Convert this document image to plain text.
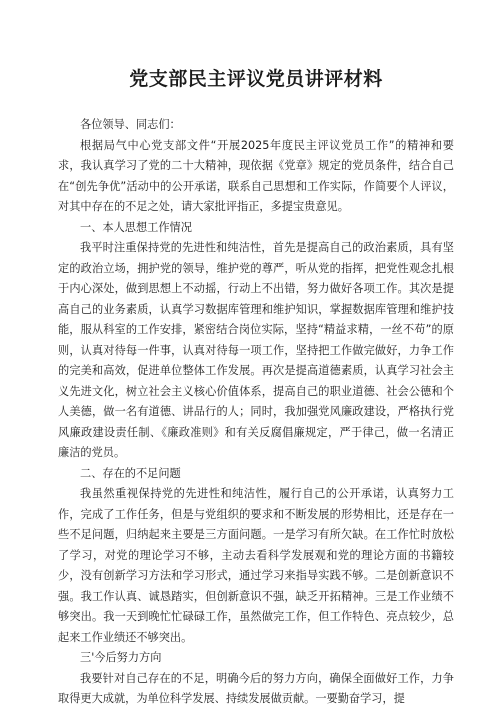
党支部民主评议党员讲评材料

各位领导、同志们：

根据局气中心党支部文件“开展2025年度民主评议党员工作”的精神和要求，我认真学习了党的二十大精神，现依据《党章》规定的党员条件，结合自己在“创先争优”活动中的公开承诺，联系自己思想和工作实际，作简要个人评议，对其中存在的不足之处，请大家批评指正，多提宝贵意见。

一、本人思想工作情况

我平时注重保持党的先进性和纯洁性，首先是提高自己的政治素质，具有坚定的政治立场，拥护党的领导，维护党的尊严，听从党的指挥，把党性观念扎根于内心深处，做到思想上不动摇，行动上不出错，努力做好各项工作。其次是提高自己的业务素质，认真学习数据库管理和维护知识，掌握数据库管理和维护技能，服从科室的工作安排，紧密结合岗位实际，坚持“精益求精，一丝不苟”的原则，认真对待每一件事，认真对待每一项工作，坚持把工作做完做好，力争工作的完美和高效，促进单位整体工作发展。再次是提高道德素质，认真学习社会主义先进文化，树立社会主义核心价值体系，提高自己的职业道德、社会公德和个人美德，做一名有道德、讲品行的人；同时，我加强党风廉政建设，严格执行党风廉政建设责任制、《廉政准则》和有关反腐倡廉规定，严于律己，做一名清正廉洁的党员。

二、存在的不足问题

我虽然重视保持党的先进性和纯洁性，履行自己的公开承诺，认真努力工作，完成了工作任务，但是与党组织的要求和不断发展的形势相比，还是存在一些不足问题，归纳起来主要是三方面问题。一是学习有所欠缺。在工作忙时放松了学习，对党的理论学习不够，主动去看科学发展观和党的理论方面的书籍较少，没有创新学习方法和学习形式，通过学习来指导实践不够。二是创新意识不强。我工作认真、诚恳踏实，但创新意识不强，缺乏开拓精神。三是工作业绩不够突出。我一天到晚忙忙碌碌工作，虽然做完工作，但工作特色、亮点较少，总起来工作业绩还不够突出。

三'今后努力方向

我要针对自己存在的不足，明确今后的努力方向，确保全面做好工作，力争取得更大成就，为单位科学发展、持续发展做贡献。一要勤奋学习，提
